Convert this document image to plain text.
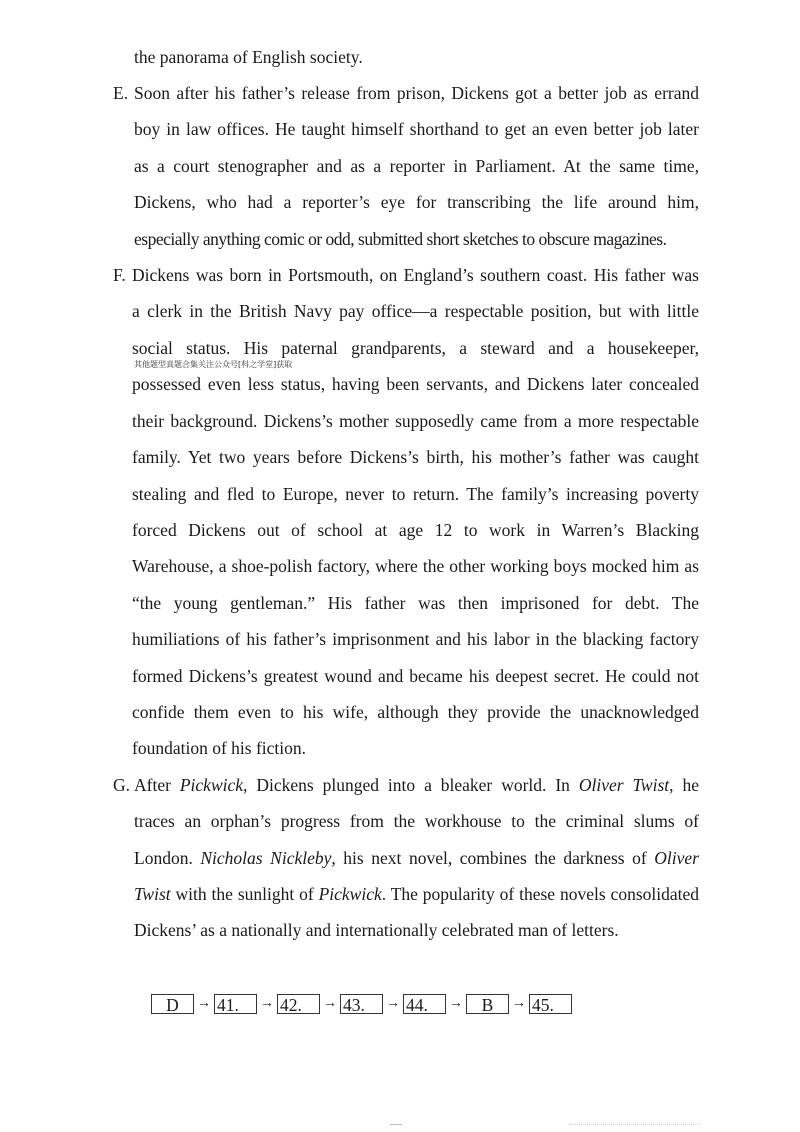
the panorama of English society.
E. Soon after his father’s release from prison, Dickens got a better job as errand
boy in law offices. He taught himself shorthand to get an even better job later
as a court stenographer and as a reporter in Parliament. At the same time,
Dickens, who had a reporter’s eye for transcribing the life around him,
especially anything comic or odd, submitted short sketches to obscure magazines.
F. Dickens was born in Portsmouth, on England’s southern coast. His father was
a clerk in the British Navy pay office—a respectable position, but with little
social status. His paternal grandparents, a steward and a housekeeper,
其他题型真题合集关注公众号[科之学堂]获取
possessed even less status, having been servants, and Dickens later concealed
their background. Dickens’s mother supposedly came from a more respectable
family. Yet two years before Dickens’s birth, his mother’s father was caught
stealing and fled to Europe, never to return. The family’s increasing poverty
forced Dickens out of school at age 12 to work in Warren’s Blacking
Warehouse, a shoe-polish factory, where the other working boys mocked him as
“the young gentleman.” His father was then imprisoned for debt. The
humiliations of his father’s imprisonment and his labor in the blacking factory
formed Dickens’s greatest wound and became his deepest secret. He could not
confide them even to his wife, although they provide the unacknowledged
foundation of his fiction.
G. After Pickwick, Dickens plunged into a bleaker world. In Oliver Twist, he
traces an orphan’s progress from the workhouse to the criminal slums of
London. Nicholas Nickleby, his next novel, combines the darkness of Oliver
Twist with the sunlight of Pickwick. The popularity of these novels consolidated
Dickens’ as a nationally and internationally celebrated man of letters.
D	→ 41.	→ 42.	→ 43.	→ 44.	→	B	→ 45.
